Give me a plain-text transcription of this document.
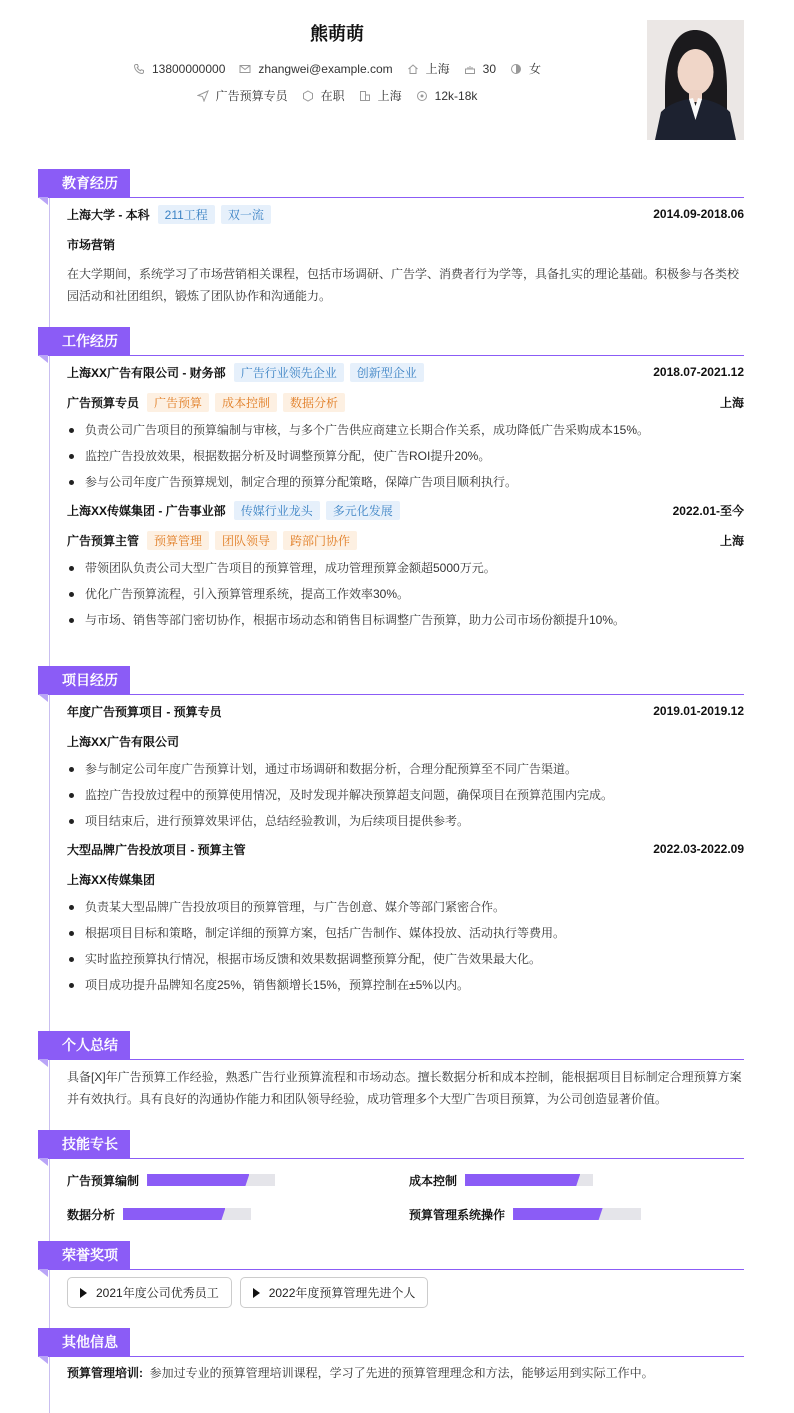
熊萌萌
13800000000	zhangwei@example.com	上海	30	女
广告预算专员	在职	上海	12k-18k
教育经历
上海大学 - 本科	211工程	双一流	2014.09-2018.06
市场营销
在大学期间，系统学习了市场营销相关课程，包括市场调研、广告学、消费者行为学等，具备扎实的理论基础。积极参与各类校园活动和社团组织，锻炼了团队协作和沟通能力。
工作经历
上海XX广告有限公司 - 财务部	广告行业领先企业	创新型企业	2018.07-2021.12
广告预算专员	广告预算	成本控制	数据分析	上海
负责公司广告项目的预算编制与审核，与多个广告供应商建立长期合作关系，成功降低广告采购成本15%。
监控广告投放效果，根据数据分析及时调整预算分配，使广告ROI提升20%。
参与公司年度广告预算规划，制定合理的预算分配策略，保障广告项目顺利执行。
上海XX传媒集团 - 广告事业部	传媒行业龙头	多元化发展	2022.01-至今
广告预算主管	预算管理	团队领导	跨部门协作	上海
带领团队负责公司大型广告项目的预算管理，成功管理预算金额超5000万元。
优化广告预算流程，引入预算管理系统，提高工作效率30%。
与市场、销售等部门密切协作，根据市场动态和销售目标调整广告预算，助力公司市场份额提升10%。
项目经历
年度广告预算项目 - 预算专员	2019.01-2019.12
上海XX广告有限公司
参与制定公司年度广告预算计划，通过市场调研和数据分析，合理分配预算至不同广告渠道。
监控广告投放过程中的预算使用情况，及时发现并解决预算超支问题，确保项目在预算范围内完成。
项目结束后，进行预算效果评估，总结经验教训，为后续项目提供参考。
大型品牌广告投放项目 - 预算主管	2022.03-2022.09
上海XX传媒集团
负责某大型品牌广告投放项目的预算管理，与广告创意、媒介等部门紧密合作。
根据项目目标和策略，制定详细的预算方案，包括广告制作、媒体投放、活动执行等费用。
实时监控预算执行情况，根据市场反馈和效果数据调整预算分配，使广告效果最大化。
项目成功提升品牌知名度25%，销售额增长15%，预算控制在±5%以内。
个人总结
具备[X]年广告预算工作经验，熟悉广告行业预算流程和市场动态。擅长数据分析和成本控制，能根据项目目标制定合理预算方案并有效执行。具有良好的沟通协作能力和团队领导经验，成功管理多个大型广告项目预算，为公司创造显著价值。
技能专长
广告预算编制	成本控制
数据分析	预算管理系统操作
荣誉奖项
2021年度公司优秀员工	2022年度预算管理先进个人
其他信息
预算管理培训: 参加过专业的预算管理培训课程，学习了先进的预算管理理念和方法，能够运用到实际工作中。
